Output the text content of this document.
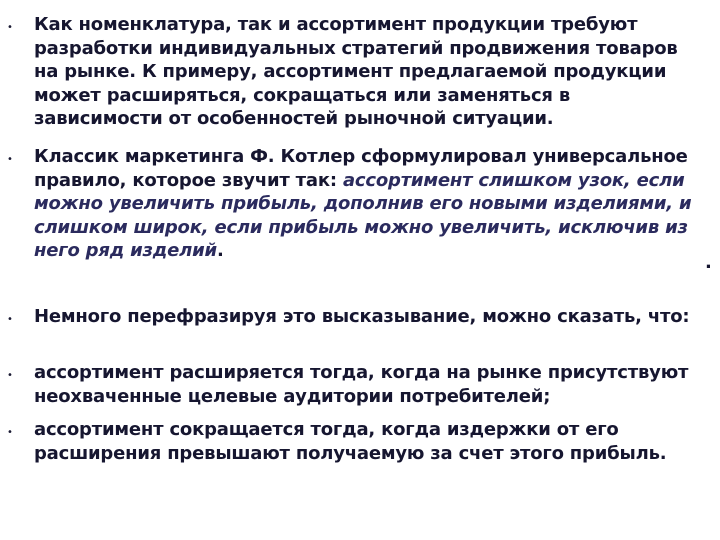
• Как номенклатура, так и ассортимент продукции требуют разработки индивидуальных стратегий продвижения товаров на рынке. К примеру, ассортимент предлагаемой продукции может расширяться, сокращаться или заменяться в зависимости от особенностей рыночной ситуации.
• Классик маркетинга Ф. Котлер сформулировал универсальное правило, которое звучит так: ассортимент слишком узок, если можно увеличить прибыль, дополнив его новыми изделиями, и слишком широк, если прибыль можно увеличить, исключив из него ряд изделий.
• Немного перефразируя это высказывание, можно сказать, что:
• ассортимент расширяется тогда, когда на рынке присутствуют неохваченные целевые аудитории потребителей;
• ассортимент сокращается тогда, когда издержки от его расширения превышают получаемую за счет этого прибыль.
.
